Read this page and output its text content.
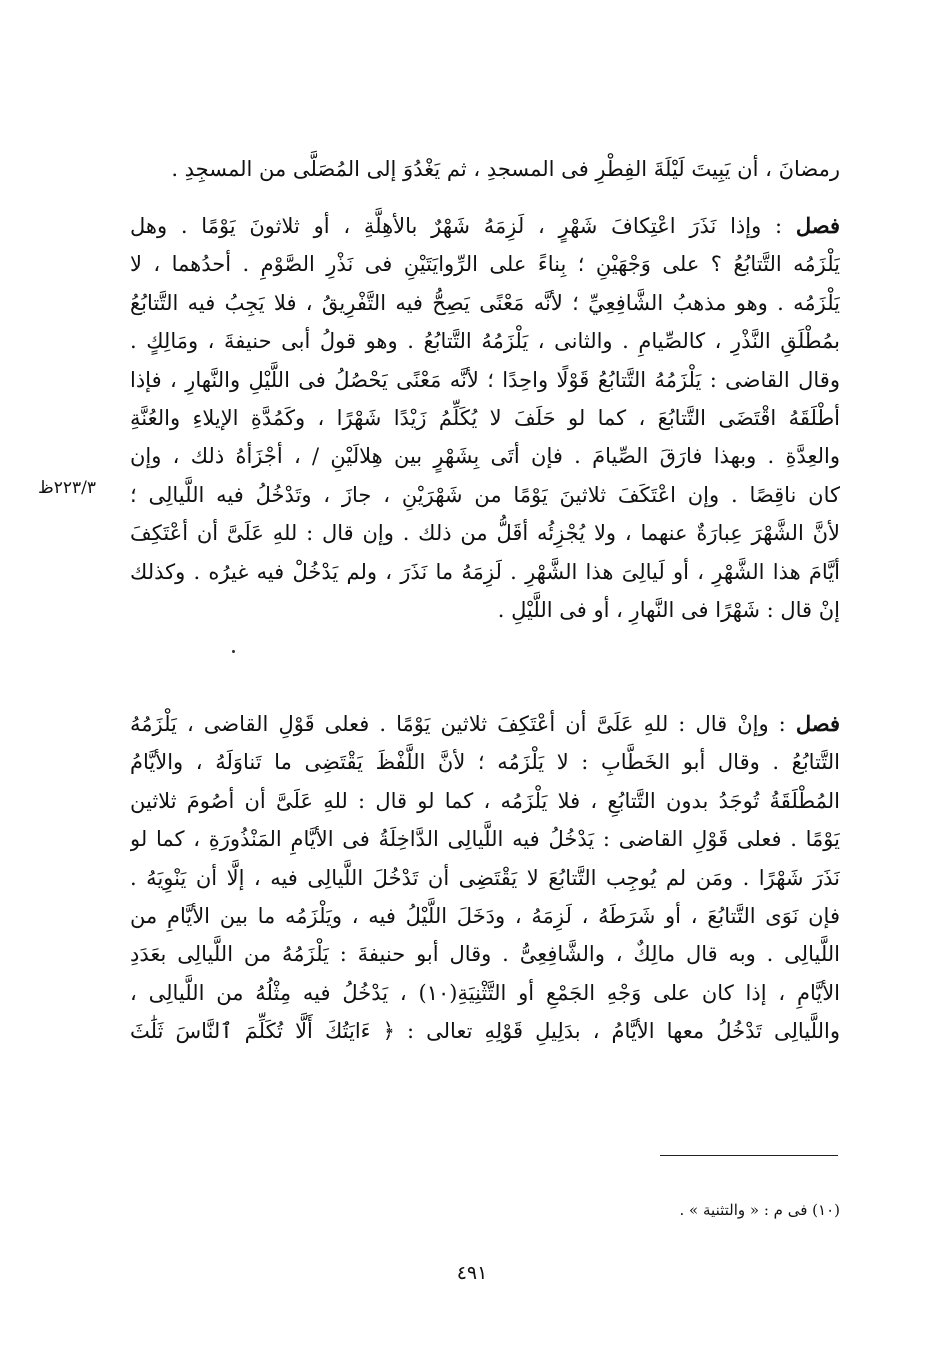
رمضانَ ، أن يَبِيتَ لَيْلَةَ الفِطْرِ فى المسجدِ ، ثم يَغْدُوَ إلى المُصَلَّى من المسجِدِ .
فصل : وإذا نَذَرَ اعْتِكافَ شَهْرٍ ، لَزِمَهُ شَهْرٌ بالأهِلَّةِ ، أو ثلاثونَ يَوْمًا . وهل
يَلْزَمُه التَّتابُعُ ؟ على وَجْهَيْنِ ؛ بِناءً على الرِّوايَتَيْنِ فى نَذْرِ الصَّوْمِ . أحدُهما ، لا
يَلْزَمُه . وهو مذهبُ الشَّافِعِيِّ ؛ لأنَّه مَعْنًى يَصِحُّ فيه التَّفْرِيقُ ، فلا يَجِبُ فيه التَّتابُعُ
بمُطْلَقِ النَّذْرِ ، كالصِّيامِ . والثانى ، يَلْزَمُهُ التَّتابُعُ . وهو قولُ أبى حنيفةَ ، ومَالِكٍ .
وقال القاضى : يَلْزَمُهُ التَّتابُعُ قَوْلًا واحِدًا ؛ لأنَّه مَعْنًى يَحْصُلُ فى اللَّيْلِ والنَّهارِ ، فإذا
أطْلَقَهُ اقْتَضَى التَّتابُعَ ، كما لو حَلَفَ لا يُكَلِّمُ زَيْدًا شَهْرًا ، وكَمُدَّةِ الإيلاءِ والعُنَّةِ
والعِدَّةِ . وبهذا فارَقَ الصِّيامَ . فإن أتَى بِشَهْرٍ بين هِلالَيْنِ / ، أجْزَأهُ ذلك ، وإن
كان ناقِصًا . وإن اعْتَكَفَ ثلاثينَ يَوْمًا من شَهْرَيْنِ ، جازَ ، وتَدْخُلُ فيه اللَّيالِى ؛
لأنَّ الشَّهْرَ عِبارَةٌ عنهما ، ولا يُجْزِئُه أقَلُّ من ذلك . وإن قال : للهِ عَلَىَّ أن أعْتَكِفَ
أيَّامَ هذا الشَّهْرِ ، أو لَيالِىَ هذا الشَّهْرِ . لَزِمَهُ ما نَذَرَ ، ولم يَدْخُلْ فيه غيرُه . وكذلك
إنْ قال : شَهْرًا فى النَّهارِ ، أو فى اللَّيْلِ .
٢٢٣/٣ظ
فصل : وإنْ قال : للهِ عَلَىَّ أن أعْتَكِفَ ثلاثين يَوْمًا . فعلى قَوْلِ القاضى ، يَلْزَمُهُ
التَّتابُعُ . وقال أبو الخَطَّابِ : لا يَلْزَمُه ؛ لأنَّ اللَّفْظَ يَقْتَضِى ما تَناوَلَهُ ، والأيَّامُ
المُطْلَقَةُ تُوجَدُ بدون التَّتابُعِ ، فلا يَلْزَمُه ، كما لو قال : للهِ عَلَىَّ أن أصُومَ ثلاثين
يَوْمًا . فعلى قَوْلِ القاضى : يَدْخُلُ فيه اللَّيالِى الدَّاخِلَةُ فى الأيَّامِ المَنْذُورَةِ ، كما لو
نَذَرَ شَهْرًا . ومَن لم يُوجِب التَّتابُعَ لا يَقْتَضِى أن تَدْخُلَ اللَّيالِى فيه ، إلَّا أن يَنْوِيَهُ .
فإن نَوَى التَّتابُعَ ، أو شَرَطَهُ ، لَزِمَهُ ، ودَخَلَ اللَّيْلُ فيه ، ويَلْزَمُه ما بين الأيَّامِ من
اللَّيالِى . وبه قال مالِكٌ ، والشَّافِعِىُّ . وقال أبو حنيفةَ : يَلْزَمُهُ من اللَّيالِى بعَدَدِ
الأيَّامِ ، إذا كان على وَجْهِ الجَمْعِ أو التَّثْنِيَةِ(١٠) ، يَدْخُلُ فيه مِثْلُهُ من اللَّيالِى ،
واللَّيالِى تَدْخُلُ معها الأيَّامُ ، بدَلِيلِ قَوْلِهِ تعالى : ﴿ ءَايَتُكَ أَلَّا تُكَلِّمَ ٱلنَّاسَ ثَلَٰثَ
(١٠) فى م : « والتثنية » .
٤٩١
